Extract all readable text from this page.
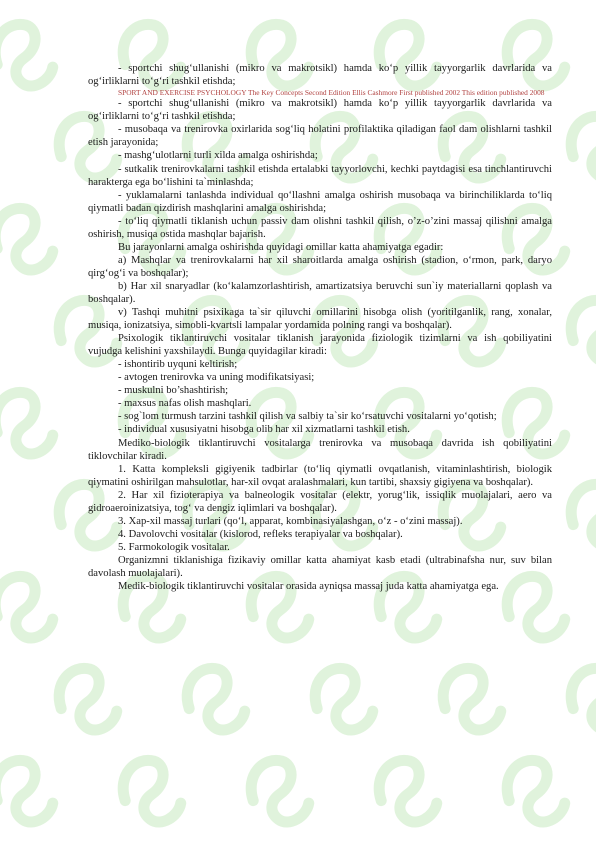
- sportchi shug‘ullanishi (mikro va makrotsikl) hamda ko‘p yillik tayyorgarlik davrlarida va og‘irliklarni to‘g‘ri tashkil etishda;

SPORT AND EXERCISE PSYCHOLOGY The Key Concepts Second Edition Ellis Cashmore First published 2002 This edition published 2008

- sportchi shug‘ullanishi (mikro va makrotsikl) hamda ko‘p yillik tayyorgarlik davrlarida va og‘irliklarni to‘g‘ri tashkil etishda;

- musobaqa va trenirovka oxirlarida sog‘liq holatini profilaktika qiladigan faol dam olishlarni tashkil etish jarayonida;

- mashg‘ulotlarni turli xilda amalga oshirishda;

- sutkalik trenirovkalarni tashkil etishda ertalabki tayyorlovchi, kechki paytdagisi esa tinchlantiruvchi harakterga ega bo‘lishini ta`minlashda;

- yuklamalarni tanlashda individual qo‘llashni amalga oshirish musobaqa va birinchiliklarda to‘liq qiymatli badan qizdirish mashqlarini amalga oshirishda;

- to‘liq qiymatli tiklanish uchun passiv dam olishni tashkil qilish, o’z-o’zini massaj qilishni amalga oshirish, musiqa ostida mashqlar bajarish.

Bu jarayonlarni amalga oshirishda quyidagi omillar katta ahamiyatga egadir:

a) Mashqlar va trenirovkalarni har xil sharoitlarda amalga oshirish (stadion, o‘rmon, park, daryo qirg‘og‘i va boshqalar);

b) Har xil snaryadlar (ko‘kalamzorlashtirish, amartizatsiya beruvchi sun`iy materiallarni qoplash va boshqalar).

v) Tashqi muhitni psixikaga ta`sir qiluvchi omillarini hisobga olish (yoritilganlik, rang, xonalar, musiqa, ionizatsiya, simobli-kvartsli lampalar yordamida polning rangi va boshqalar).

Psixologik tiklantiruvchi vositalar tiklanish jarayonida fiziologik tizimlarni va ish qobiliyatini vujudga kelishini yaxshilaydi. Bunga quyidagilar kiradi:

- ishontirib uyquni keltirish;

- avtogen trenirovka va uning modifikatsiyasi;

- muskulni bo’shashtirish;

- maxsus nafas olish mashqlari.

- sog`lom turmush tarzini tashkil qilish va salbiy ta`sir ko‘rsatuvchi vositalarni yo‘qotish;

- individual xususiyatni hisobga olib har xil xizmatlarni tashkil etish.

Mediko-biologik tiklantiruvchi vositalarga trenirovka va musobaqa davrida ish qobiliyatini tiklovchilar kiradi.

1. Katta kompleksli gigiyenik tadbirlar (to‘liq qiymatli ovqatlanish, vitaminlashtirish, biologik qiymatini oshirilgan mahsulotlar, har-xil ovqat aralashmalari, kun tartibi, shaxsiy gigiyena va boshqalar).

2. Har xil fizioterapiya va balneologik vositalar (elektr, yorug‘lik, issiqlik muolajalari, aero va gidroaeroinizatsiya, tog‘ va dengiz iqlimlari va boshqalar).

3. Xap-xil massaj turlari (qo‘l, apparat, kombinasiyalashgan, o‘z - o‘zini massaj).

4. Davolovchi vositalar (kislorod, refleks terapiyalar va boshqalar).

5. Farmokologik vositalar.

Organizmni tiklanishiga fizikaviy omillar katta ahamiyat kasb etadi (ultrabinafsha nur, suv bilan davolash muolajalari).

Medik-biologik tiklantiruvchi vositalar orasida ayniqsa massaj juda katta ahamiyatga ega.
